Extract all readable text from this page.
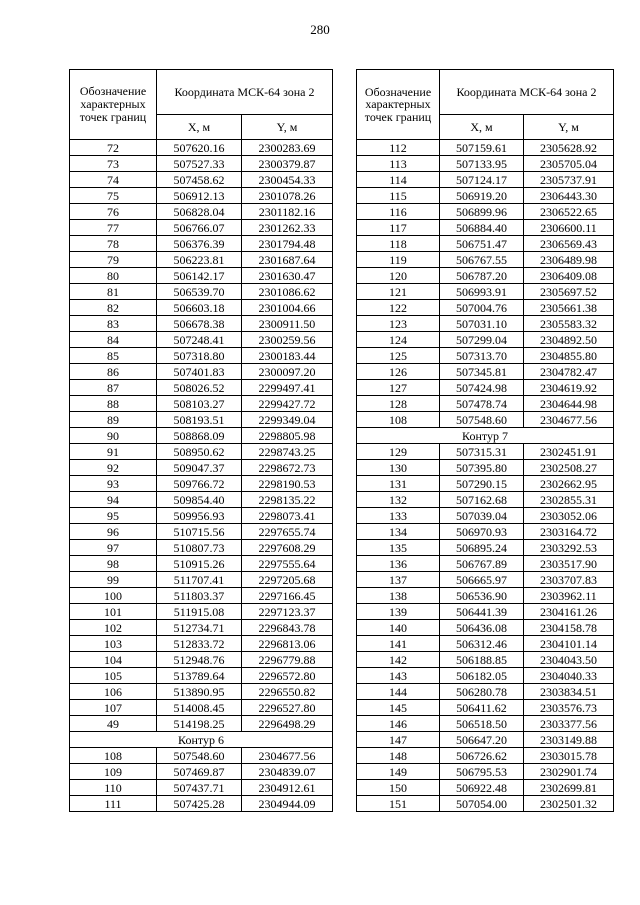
280
Обозначение характерных точек границ	Координата МСК-64 зона 2	
	X, м	Y, м
72	507620.16	2300283.69
73	507527.33	2300379.87
74	507458.62	2300454.33
75	506912.13	2301078.26
76	506828.04	2301182.16
77	506766.07	2301262.33
78	506376.39	2301794.48
79	506223.81	2301687.64
80	506142.17	2301630.47
81	506539.70	2301086.62
82	506603.18	2301004.66
83	506678.38	2300911.50
84	507248.41	2300259.56
85	507318.80	2300183.44
86	507401.83	2300097.20
87	508026.52	2299497.41
88	508103.27	2299427.72
89	508193.51	2299349.04
90	508868.09	2298805.98
91	508950.62	2298743.25
92	509047.37	2298672.73
93	509766.72	2298190.53
94	509854.40	2298135.22
95	509956.93	2298073.41
96	510715.56	2297655.74
97	510807.73	2297608.29
98	510915.26	2297555.64
99	511707.41	2297205.68
100	511803.37	2297166.45
101	511915.08	2297123.37
102	512734.71	2296843.78
103	512833.72	2296813.06
104	512948.76	2296779.88
105	513789.64	2296572.80
106	513890.95	2296550.82
107	514008.45	2296527.80
49	514198.25	2296498.29
Контур 6		
108	507548.60	2304677.56
109	507469.87	2304839.07
110	507437.71	2304912.61
111	507425.28	2304944.09
Обозначение характерных точек границ	Координата МСК-64 зона 2	
	X, м	Y, м
112	507159.61	2305628.92
113	507133.95	2305705.04
114	507124.17	2305737.91
115	506919.20	2306443.30
116	506899.96	2306522.65
117	506884.40	2306600.11
118	506751.47	2306569.43
119	506767.55	2306489.98
120	506787.20	2306409.08
121	506993.91	2305697.52
122	507004.76	2305661.38
123	507031.10	2305583.32
124	507299.04	2304892.50
125	507313.70	2304855.80
126	507345.81	2304782.47
127	507424.98	2304619.92
128	507478.74	2304644.98
108	507548.60	2304677.56
Контур 7		
129	507315.31	2302451.91
130	507395.80	2302508.27
131	507290.15	2302662.95
132	507162.68	2302855.31
133	507039.04	2303052.06
134	506970.93	2303164.72
135	506895.24	2303292.53
136	506767.89	2303517.90
137	506665.97	2303707.83
138	506536.90	2303962.11
139	506441.39	2304161.26
140	506436.08	2304158.78
141	506312.46	2304101.14
142	506188.85	2304043.50
143	506182.05	2304040.33
144	506280.78	2303834.51
145	506411.62	2303576.73
146	506518.50	2303377.56
147	506647.20	2303149.88
148	506726.62	2303015.78
149	506795.53	2302901.74
150	506922.48	2302699.81
151	507054.00	2302501.32
